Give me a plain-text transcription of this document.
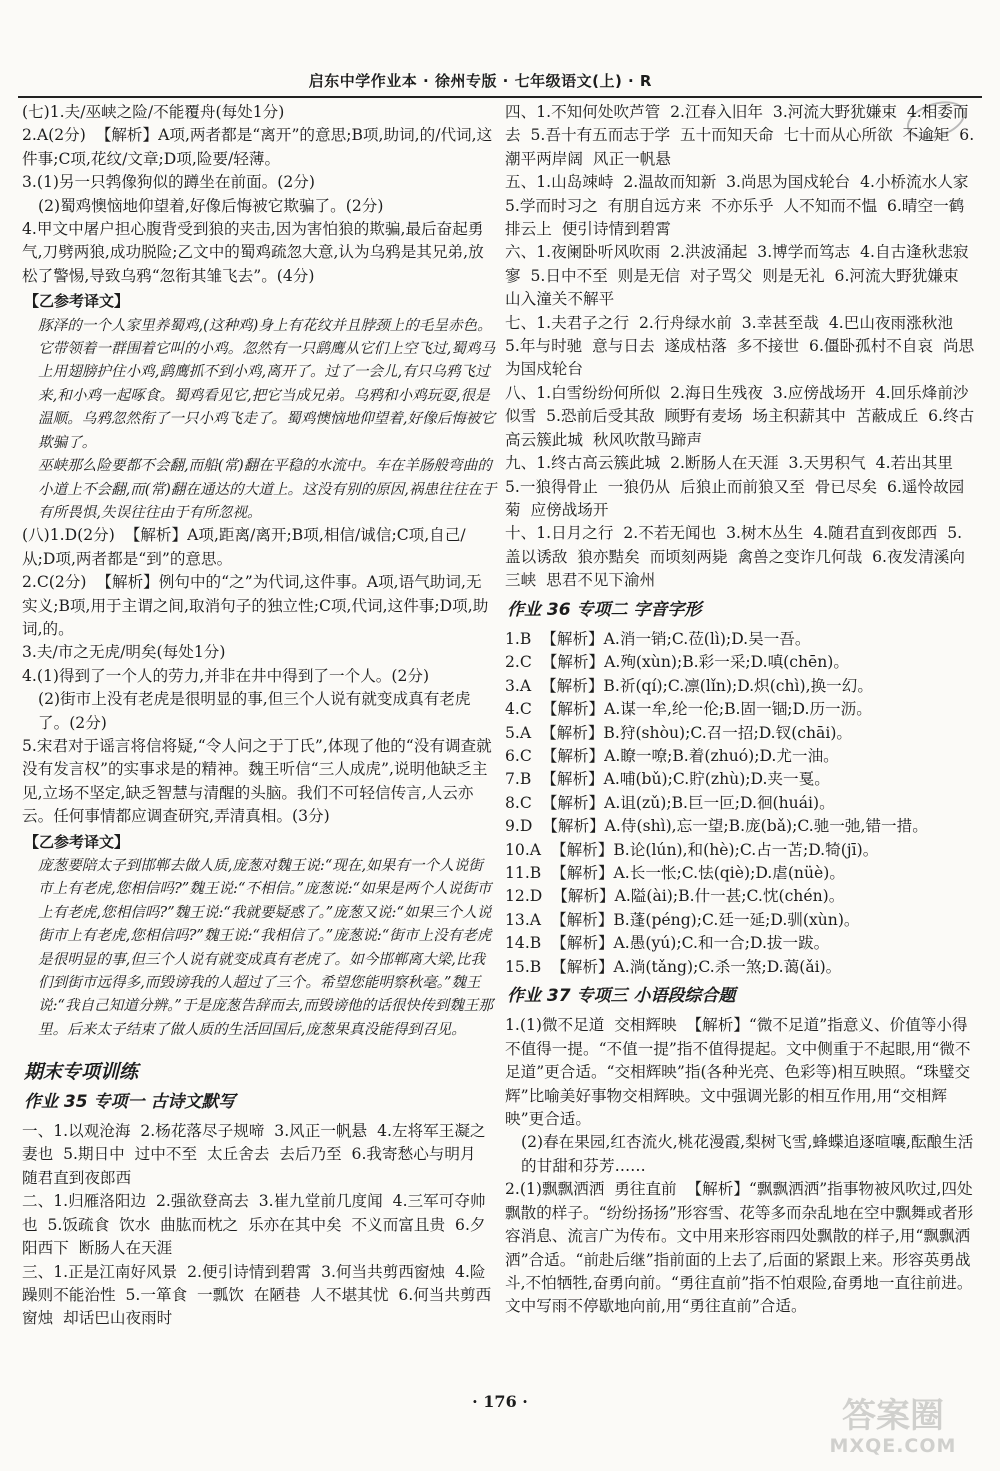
启东中学作业本 · 徐州专版 · 七年级语文(上) · R

(七)1.夫/巫峡之险/不能覆舟(每处1分)

2.A(2分)  【解析】A项,两者都是“离开”的意思;B项,助词,的/代词,这件事;C项,花纹/文章;D项,险要/轻薄。

3.(1)另一只鹁像狗似的蹲坐在前面。(2分)

(2)蜀鸡懊恼地仰望着,好像后悔被它欺骗了。(2分)

4.甲文中屠户担心腹背受到狼的夹击,因为害怕狼的欺骗,最后奋起勇气,刀劈两狼,成功脱险;乙文中的蜀鸡疏忽大意,认为乌鸦是其兄弟,放松了警惕,导致乌鸦“忽衔其雏飞去”。(4分)

【乙参考译文】

豚泽的一个人家里养蜀鸡,(这种鸡)身上有花纹并且脖颈上的毛呈赤色。它带领着一群围着它叫的小鸡。忽然有一只鹞鹰从它们上空飞过,蜀鸡马上用翅膀护住小鸡,鹞鹰抓不到小鸡,离开了。过了一会儿,有只乌鸦飞过来,和小鸡一起啄食。蜀鸡看见它,把它当成兄弟。乌鸦和小鸡玩耍,很是温顺。乌鸦忽然衔了一只小鸡飞走了。蜀鸡懊恼地仰望着,好像后悔被它欺骗了。

巫峡那么险要都不会翻,而船(常)翻在平稳的水流中。车在羊肠般弯曲的小道上不会翻,而(常)翻在通达的大道上。这没有别的原因,祸患往往在于有所畏惧,失误往往由于有所忽视。

(八)1.D(2分)  【解析】A项,距离/离开;B项,相信/诚信;C项,自己/从;D项,两者都是“到”的意思。

2.C(2分)  【解析】例句中的“之”为代词,这件事。A项,语气助词,无实义;B项,用于主谓之间,取消句子的独立性;C项,代词,这件事;D项,助词,的。

3.夫/市之无虎/明矣(每处1分)

4.(1)得到了一个人的劳力,并非在井中得到了一个人。(2分)

(2)街市上没有老虎是很明显的事,但三个人说有就变成真有老虎了。(2分)

5.宋君对于谣言将信将疑,“令人问之于丁氏”,体现了他的“没有调查就没有发言权”的实事求是的精神。魏王听信“三人成虎”,说明他缺乏主见,立场不坚定,缺乏智慧与清醒的头脑。我们不可轻信传言,人云亦云。任何事情都应调查研究,弄清真相。(3分)

【乙参考译文】

庞葱要陪太子到邯郸去做人质,庞葱对魏王说:“现在,如果有一个人说街市上有老虎,您相信吗?”魏王说:“不相信。”庞葱说:“如果是两个人说街市上有老虎,您相信吗?”魏王说:“我就要疑惑了。”庞葱又说:“如果三个人说街市上有老虎,您相信吗?”魏王说:“我相信了。”庞葱说:“街市上没有老虎是很明显的事,但三个人说有就变成真有老虎了。如今邯郸离大梁,比我们到街市远得多,而毁谤我的人超过了三个。希望您能明察秋毫。”魏王说:“我自己知道分辨。”于是庞葱告辞而去,而毁谤他的话很快传到魏王那里。后来太子结束了做人质的生活回国后,庞葱果真没能得到召见。

期末专项训练

作业 35 专项一 古诗文默写

一、1.以观沧海  2.杨花落尽子规啼  3.风正一帆悬  4.左将军王凝之妻也  5.期日中  过中不至  太丘舍去  去后乃至  6.我寄愁心与明月  随君直到夜郎西

二、1.归雁洛阳边  2.强欲登高去  3.崔九堂前几度闻  4.三军可夺帅也  5.饭疏食  饮水  曲肱而枕之  乐亦在其中矣  不义而富且贵  6.夕阳西下  断肠人在天涯

三、1.正是江南好风景  2.便引诗情到碧霄  3.何当共剪西窗烛  4.险躁则不能治性  5.一箪食  一瓢饮  在陋巷  人不堪其忧  6.何当共剪西窗烛  却话巴山夜雨时

四、1.不知何处吹芦管  2.江春入旧年  3.河流大野犹嫌束  4.相委而去  5.吾十有五而志于学  五十而知天命  七十而从心所欲  不逾矩  6.潮平两岸阔  风正一帆悬

五、1.山岛竦峙  2.温故而知新  3.尚思为国戍轮台  4.小桥流水人家  5.学而时习之  有朋自远方来  不亦乐乎  人不知而不愠  6.晴空一鹤排云上  便引诗情到碧霄

六、1.夜阑卧听风吹雨  2.洪波涌起  3.博学而笃志  4.自古逢秋悲寂寥  5.日中不至  则是无信  对子骂父  则是无礼  6.河流大野犹嫌束  山入潼关不解平

七、1.夫君子之行  2.行舟绿水前  3.幸甚至哉  4.巴山夜雨涨秋池  5.年与时驰  意与日去  遂成枯落  多不接世  6.僵卧孤村不自哀  尚思为国戍轮台

八、1.白雪纷纷何所似  2.海日生残夜  3.应傍战场开  4.回乐烽前沙似雪  5.恐前后受其敌  顾野有麦场  场主积薪其中  苫蔽成丘  6.终古高云簇此城  秋风吹散马蹄声

九、1.终古高云簇此城  2.断肠人在天涯  3.天男积气  4.若出其里  5.一狼得骨止  一狼仍从  后狼止而前狼又至  骨已尽矣  6.遥怜故园菊  应傍战场开

十、1.日月之行  2.不若无闻也  3.树木丛生  4.随君直到夜郎西  5.盖以诱敌  狼亦黠矣  而顷刻两毙  禽兽之变诈几何哉  6.夜发清溪向三峡  思君不见下渝州

作业 36 专项二 字音字形

1.B  【解析】A.消一销;C.莅(lì);D.吴一吾。

2.C  【解析】A.殉(xùn);B.彩一采;D.嗔(chēn)。

3.A  【解析】B.祈(qí);C.凛(lǐn);D.炽(chì),换一幻。

4.C  【解析】A.谋一牟,纶一伦;B.固一锢;D.历一沥。

5.A  【解析】B.狩(shòu);C.召一招;D.钗(chāi)。

6.C  【解析】A.瞭一嘹;B.着(zhuó);D.尤一油。

7.B  【解析】A.哺(bǔ);C.貯(zhù);D.夹一戛。

8.C  【解析】A.诅(zǔ);B.巨一叵;D.徊(huái)。

9.D  【解析】A.侍(shì),忘一望;B.庞(bǎ);C.驰一弛,错一措。

10.A  【解析】B.论(lún),和(hè);C.占一苫;D.犄(jī)。

11.B  【解析】A.长一怅;C.怯(qiè);D.虐(nüè)。

12.D  【解析】A.隘(ài);B.什一甚;C.忱(chén)。

13.A  【解析】B.蓬(péng);C.廷一延;D.驯(xùn)。

14.B  【解析】A.愚(yú);C.和一合;D.拔一跋。

15.B  【解析】A.淌(tǎng);C.杀一煞;D.蔼(ǎi)。

作业 37 专项三 小语段综合题

1.(1)微不足道  交相辉映  【解析】“微不足道”指意义、价值等小得不值得一提。“不值一提”指不值得提起。文中侧重于不起眼,用“微不足道”更合适。“交相辉映”指(各种光亮、色彩等)相互映照。“珠璧交辉”比喻美好事物交相辉映。文中强调光影的相互作用,用“交相辉映”更合适。

(2)春在果园,红杏流火,桃花漫霞,梨树飞雪,蜂蝶追逐喧嚷,酝酿生活的甘甜和芬芳……

2.(1)飘飘洒洒  勇往直前  【解析】“飘飘洒洒”指事物被风吹过,四处飘散的样子。“纷纷扬扬”形容雪、花等多而杂乱地在空中飘舞或者形容消息、流言广为传布。文中用来形容雨四处飘散的样子,用“飘飘洒洒”合适。“前赴后继”指前面的上去了,后面的紧跟上来。形容英勇战斗,不怕牺牲,奋勇向前。“勇往直前”指不怕艰险,奋勇地一直往前进。文中写雨不停歇地向前,用“勇往直前”合适。

· 176 ·	答案圈
MXQE.COM
